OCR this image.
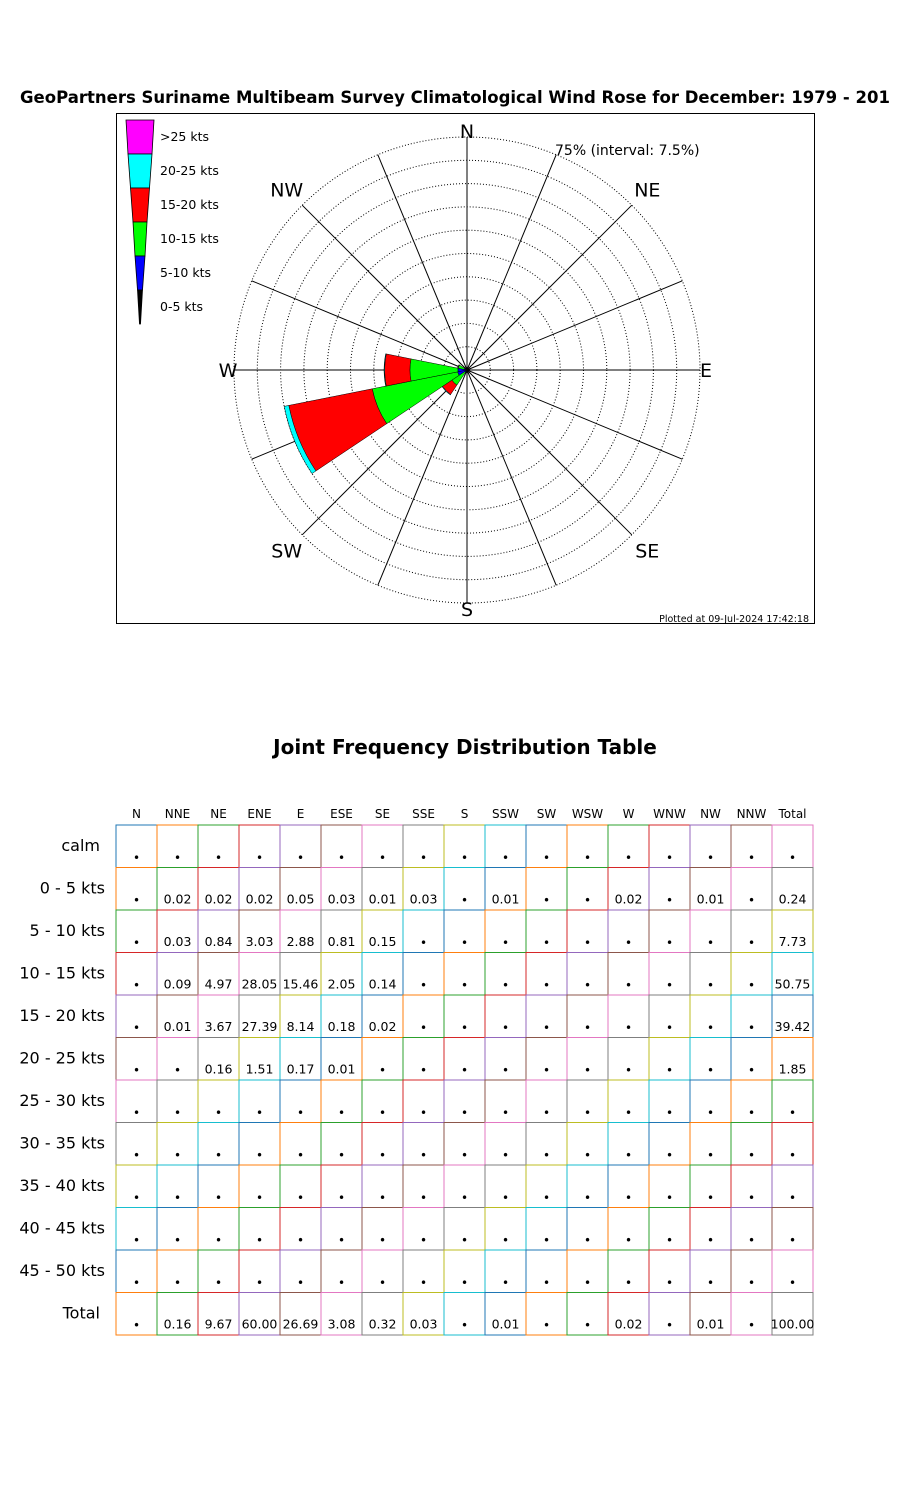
GeoPartners Suriname Multibeam Survey Climatological Wind Rose for December: 1979 - 201
N
NE
E
SE
S
SW
W
NW
75% (interval: 7.5%)
Plotted at 09-Jul-2024 17:42:18
>25 kts
20-25 kts
15-20 kts
10-15 kts
5-10 kts
0-5 kts
Joint Frequency Distribution Table
N NNE NE ENE E ESE SE SSE S SSW SW WSW W WNW NW NNW Total
calm
•	•	•	•	•	•	•	•	•	•	•	•	•	•	•	•	•
0 - 5 kts
• 0.02 0.02 0.02 0.05 0.03 0.01 0.03 • 0.01 •	• 0.02 • 0.01 • 0.24
5 - 10 kts
• 0.03 0.84 3.03 2.88 0.81 0.15 •	•	•	•	•	•	•	•	• 7.73
10 - 15 kts
• 0.09 4.97 28.05 15.46 2.05 0.14 •	•	•	•	•	•	•	•	• 50.75
15 - 20 kts
• 0.01 3.67 27.39 8.14 0.18 0.02 •	•	•	•	•	•	•	•	• 39.42
20 - 25 kts
•	• 0.16 1.51 0.17 0.01 •	•	•	•	•	•	•	•	•	• 1.85
25 - 30 kts
•	•	•	•	•	•	•	•	•	•	•	•	•	•	•	•	•
30 - 35 kts
•	•	•	•	•	•	•	•	•	•	•	•	•	•	•	•	•
35 - 40 kts
•	•	•	•	•	•	•	•	•	•	•	•	•	•	•	•	•
40 - 45 kts
•	•	•	•	•	•	•	•	•	•	•	•	•	•	•	•	•
45 - 50 kts
•	•	•	•	•	•	•	•	•	•	•	•	•	•	•	•	•
Total
• 0.16 9.67 60.00 26.69 3.08 0.32 0.03 • 0.01 •	• 0.02 • 0.01 • 100.00
